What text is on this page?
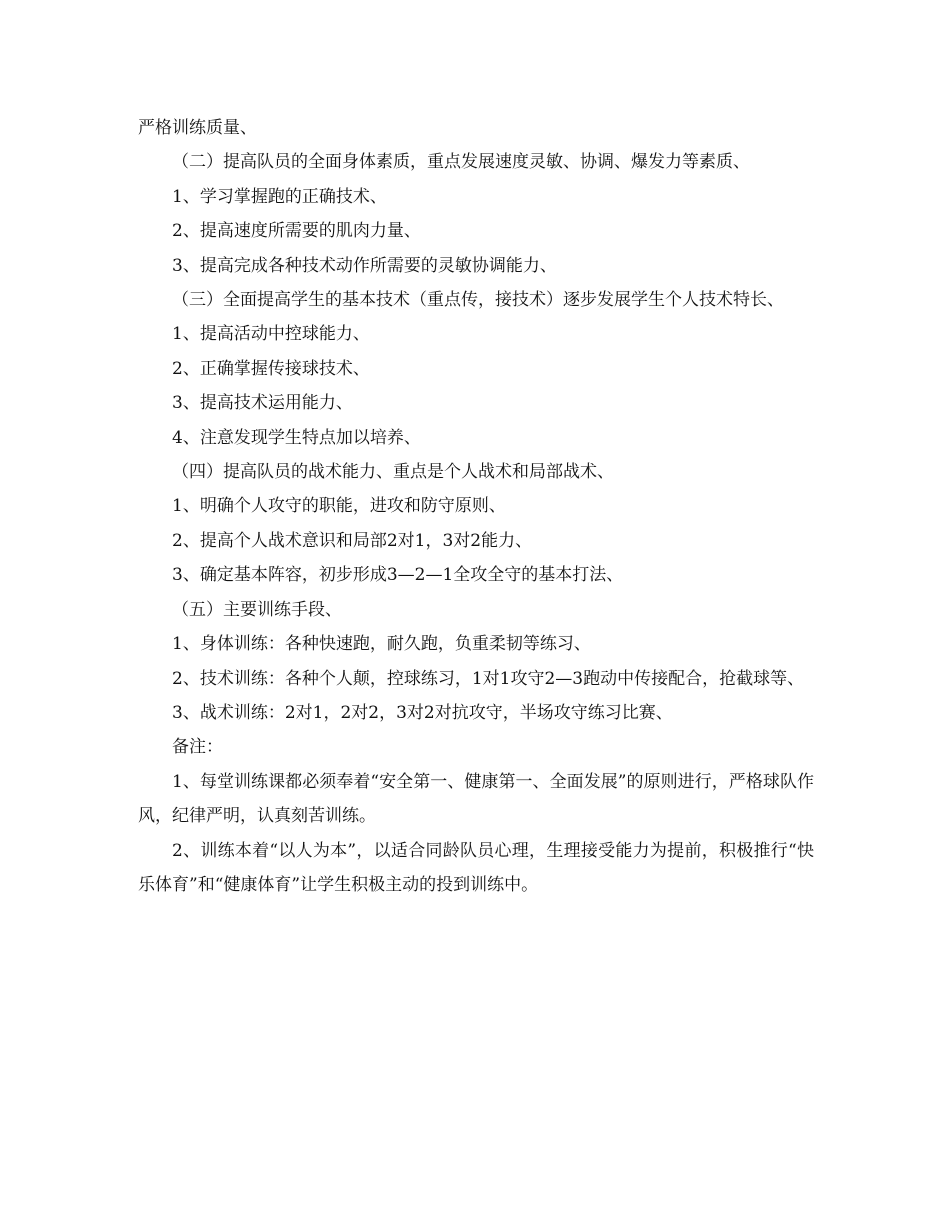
严格训练质量、

（二）提高队员的全面身体素质，重点发展速度灵敏、协调、爆发力等素质、

1、学习掌握跑的正确技术、

2、提高速度所需要的肌肉力量、

3、提高完成各种技术动作所需要的灵敏协调能力、

（三）全面提高学生的基本技术（重点传，接技术）逐步发展学生个人技术特长、

1、提高活动中控球能力、

2、正确掌握传接球技术、

3、提高技术运用能力、

4、注意发现学生特点加以培养、

（四）提高队员的战术能力、重点是个人战术和局部战术、

1、明确个人攻守的职能，进攻和防守原则、

2、提高个人战术意识和局部2对1，3对2能力、

3、确定基本阵容，初步形成3—2—1全攻全守的基本打法、

（五）主要训练手段、

1、身体训练：各种快速跑，耐久跑，负重柔韧等练习、

2、技术训练：各种个人颠，控球练习，1对1攻守2—3跑动中传接配合，抢截球等、

3、战术训练：2对1，2对2，3对2对抗攻守，半场攻守练习比赛、

备注：

1、每堂训练课都必须奉着“安全第一、健康第一、全面发展”的原则进行，严格球队作风，纪律严明，认真刻苦训练。

2、训练本着“以人为本”，以适合同龄队员心理，生理接受能力为提前，积极推行“快乐体育”和“健康体育”让学生积极主动的投到训练中。
